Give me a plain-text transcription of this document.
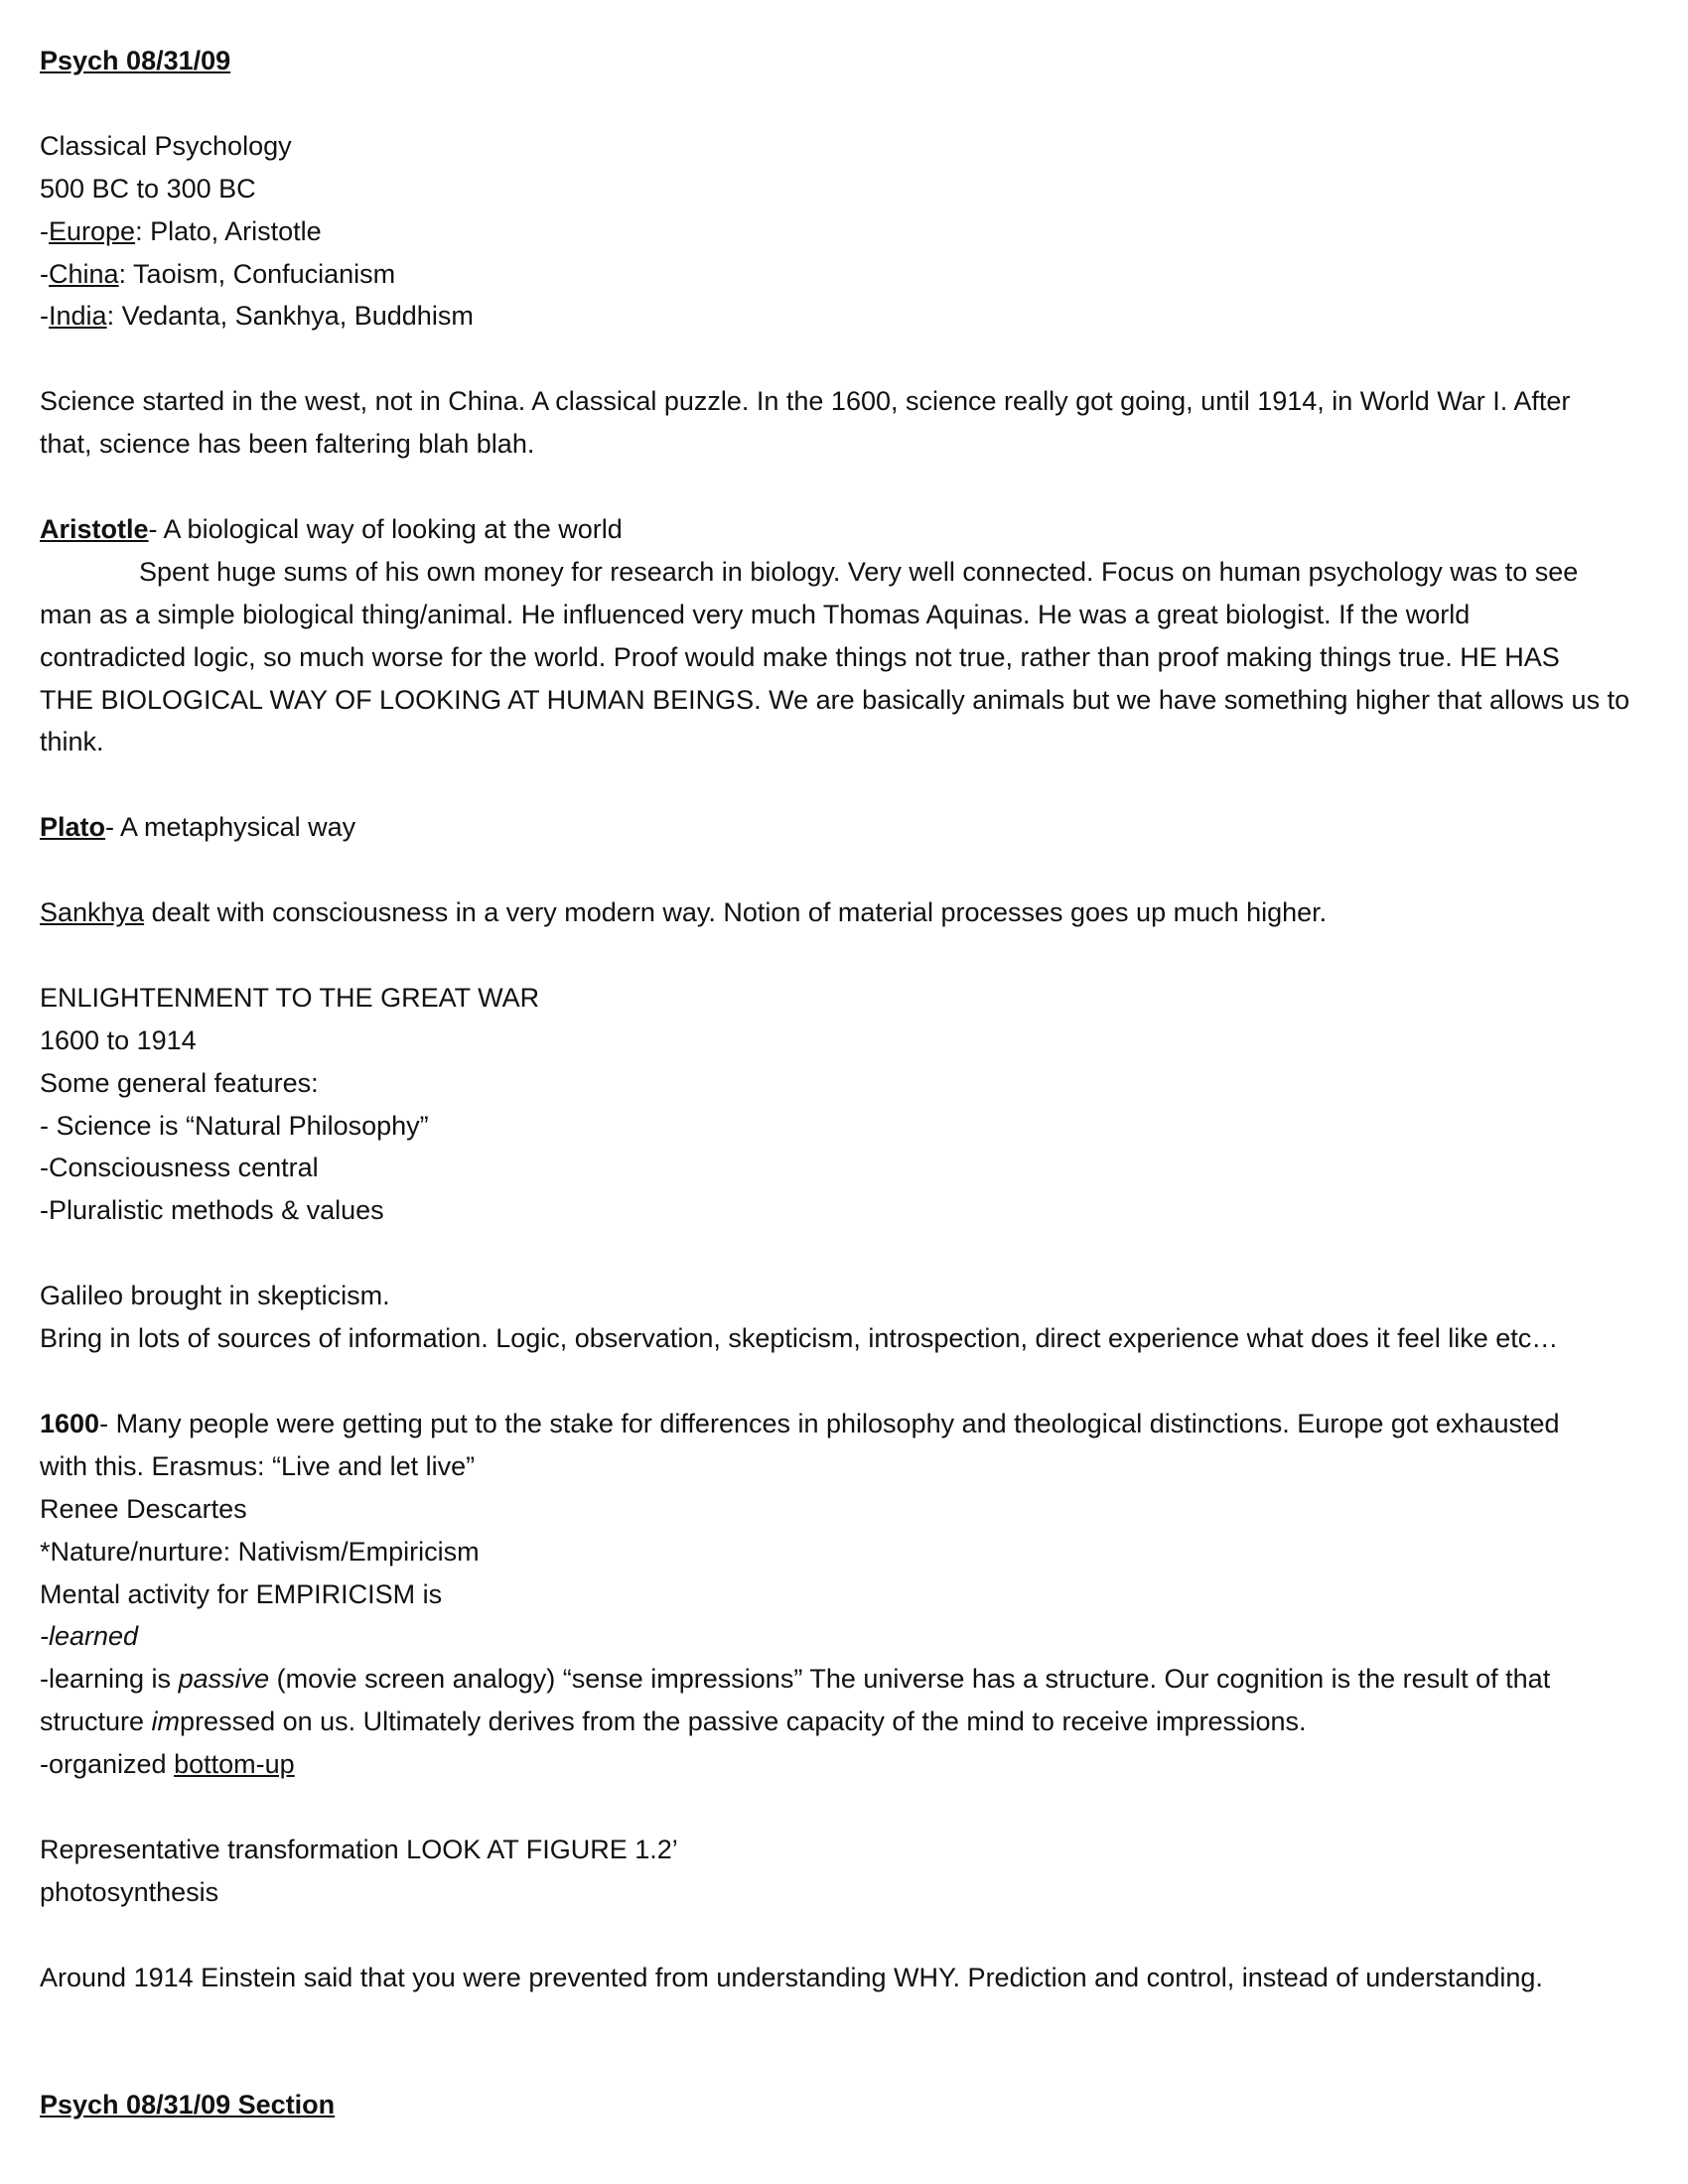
Psych 08/31/09
Classical Psychology
500 BC to 300 BC
-Europe: Plato, Aristotle
-China: Taoism, Confucianism
-India: Vedanta, Sankhya, Buddhism
Science started in the west, not in China. A classical puzzle. In the 1600, science really got going, until 1914, in World War I. After
that, science has been faltering blah blah.
Aristotle- A biological way of looking at the world
Spent huge sums of his own money for research in biology. Very well connected. Focus on human psychology was to see
man as a simple biological thing/animal. He influenced very much Thomas Aquinas. He was a great biologist. If the world
contradicted logic, so much worse for the world. Proof would make things not true, rather than proof making things true. HE HAS
THE BIOLOGICAL WAY OF LOOKING AT HUMAN BEINGS. We are basically animals but we have something higher that allows us to
think.
Plato- A metaphysical way
Sankhya dealt with consciousness in a very modern way. Notion of material processes goes up much higher.
ENLIGHTENMENT TO THE GREAT WAR
1600 to 1914
Some general features:
- Science is “Natural Philosophy”
-Consciousness central
-Pluralistic methods & values
Galileo brought in skepticism.
Bring in lots of sources of information. Logic, observation, skepticism, introspection, direct experience what does it feel like etc…
1600- Many people were getting put to the stake for differences in philosophy and theological distinctions. Europe got exhausted
with this. Erasmus: “Live and let live”
Renee Descartes
*Nature/nurture: Nativism/Empiricism
Mental activity for EMPIRICISM is
-learned
-learning is passive (movie screen analogy) “sense impressions” The universe has a structure. Our cognition is the result of that
structure impressed on us. Ultimately derives from the passive capacity of the mind to receive impressions.
-organized bottom-up
Representative transformation LOOK AT FIGURE 1.2’
photosynthesis
Around 1914 Einstein said that you were prevented from understanding WHY. Prediction and control, instead of understanding.
Psych 08/31/09 Section
